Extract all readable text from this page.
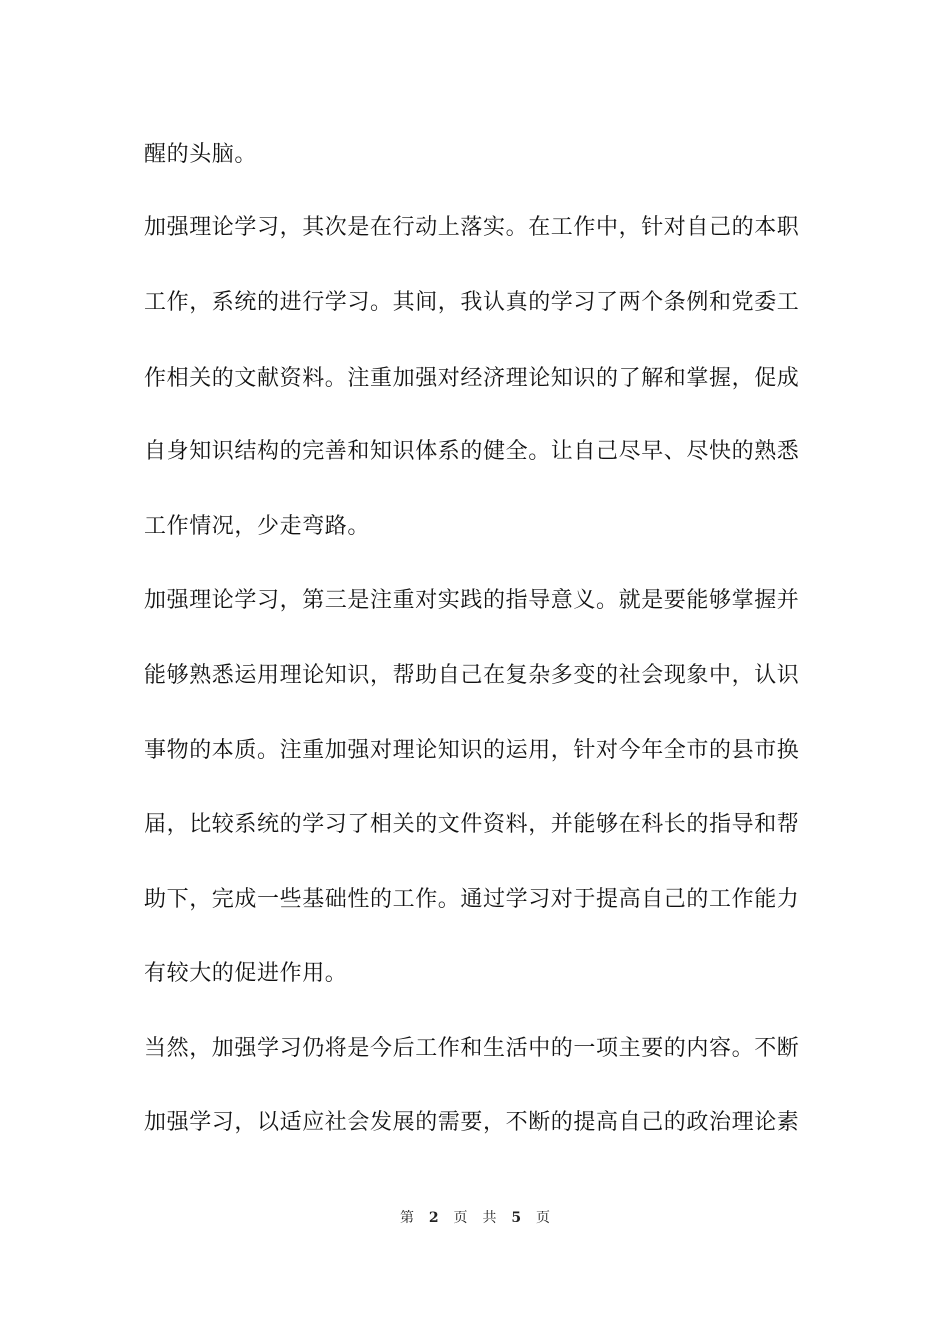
醒的头脑。
加强理论学习，其次是在行动上落实。在工作中，针对自己的本职
工作，系统的进行学习。其间，我认真的学习了两个条例和党委工
作相关的文献资料。注重加强对经济理论知识的了解和掌握，促成
自身知识结构的完善和知识体系的健全。让自己尽早、尽快的熟悉
工作情况，少走弯路。
加强理论学习，第三是注重对实践的指导意义。就是要能够掌握并
能够熟悉运用理论知识，帮助自己在复杂多变的社会现象中，认识
事物的本质。注重加强对理论知识的运用，针对今年全市的县市换
届，比较系统的学习了相关的文件资料，并能够在科长的指导和帮
助下，完成一些基础性的工作。通过学习对于提高自己的工作能力
有较大的促进作用。
当然，加强学习仍将是今后工作和生活中的一项主要的内容。不断
加强学习，以适应社会发展的需要，不断的提高自己的政治理论素
第 2 页 共 5 页
